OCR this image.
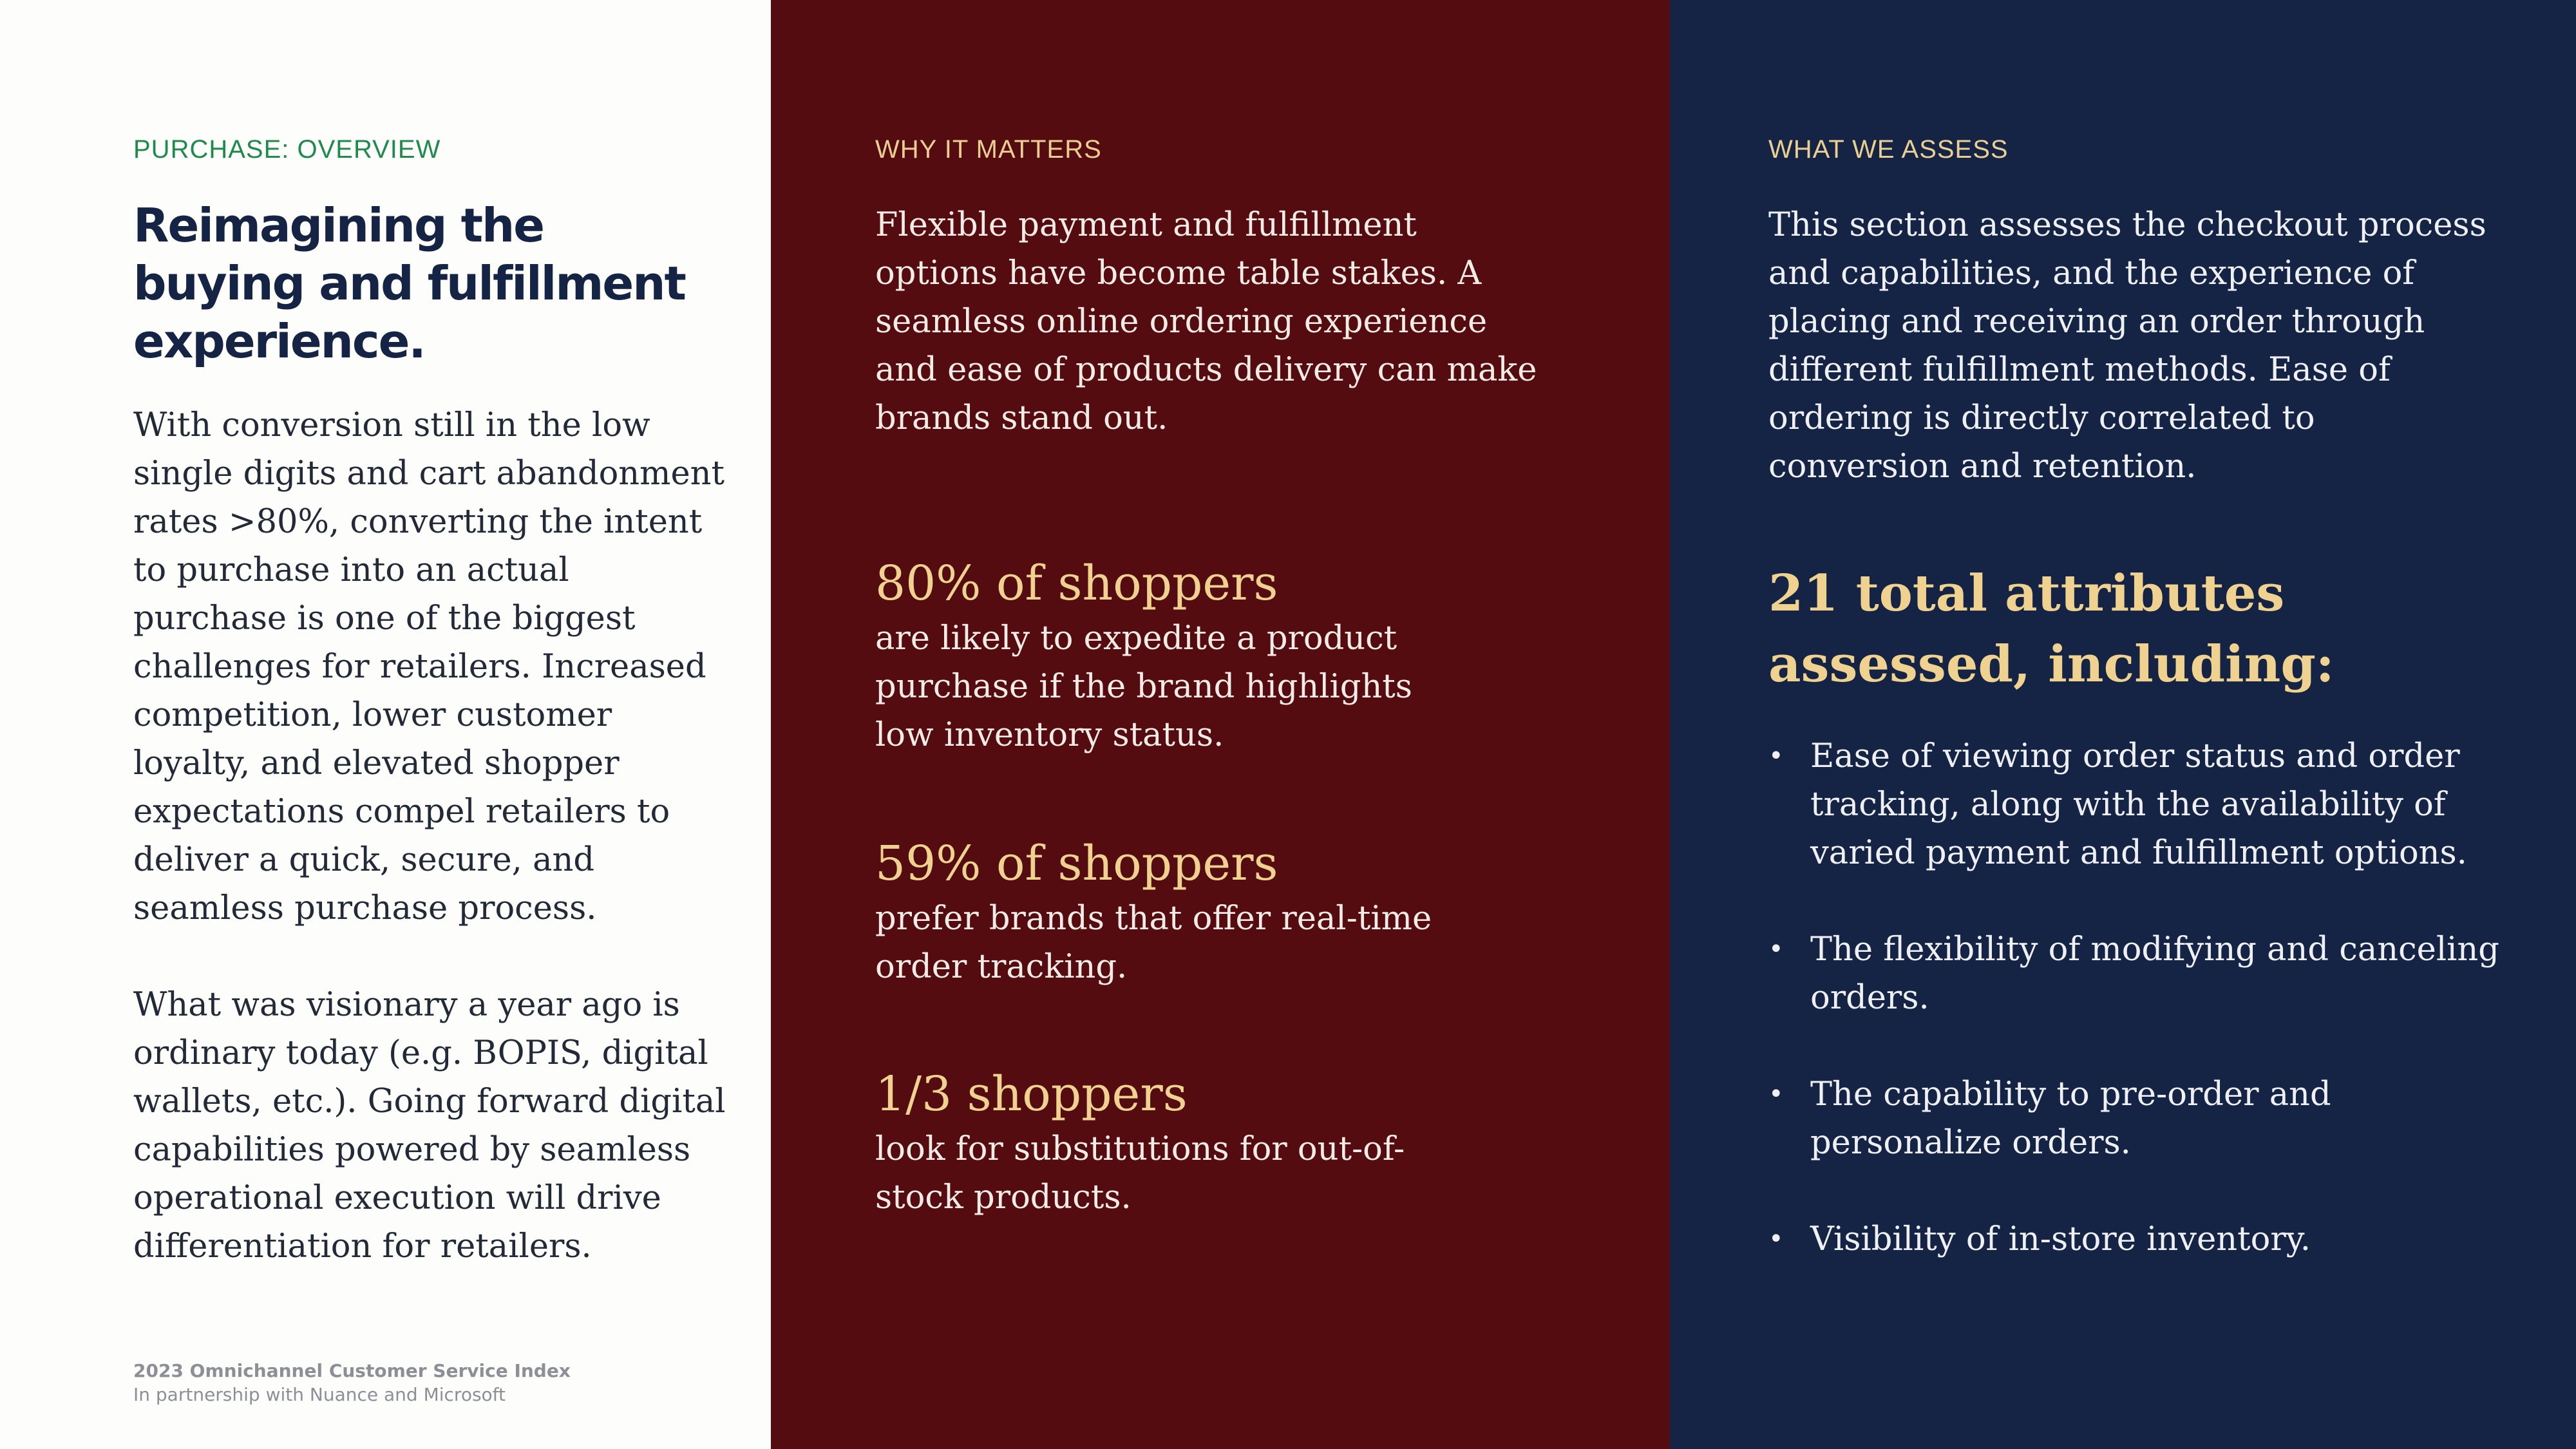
PURCHASE: OVERVIEW

Reimagining the buying and fulfillment experience.

With conversion still in the low single digits and cart abandonment rates >80%, converting the intent to purchase into an actual purchase is one of the biggest challenges for retailers. Increased competition, lower customer loyalty, and elevated shopper expectations compel retailers to deliver a quick, secure, and seamless purchase process.

What was visionary a year ago is ordinary today (e.g. BOPIS, digital wallets, etc.). Going forward digital capabilities powered by seamless operational execution will drive differentiation for retailers.

2023 Omnichannel Customer Service Index

In partnership with Nuance and Microsoft

WHY IT MATTERS

Flexible payment and fulfillment options have become table stakes. A seamless online ordering experience and ease of products delivery can make brands stand out.

80% of shoppers

are likely to expedite a product purchase if the brand highlights low inventory status.

59% of shoppers

prefer brands that offer real-time order tracking.

1/3 shoppers

look for substitutions for out-of-stock products.

WHAT WE ASSESS

This section assesses the checkout process and capabilities, and the experience of placing and receiving an order through different fulfillment methods. Ease of ordering is directly correlated to conversion and retention.

21 total attributes assessed, including:
• Ease of viewing order status and order tracking, along with the availability of varied payment and fulfillment options.
• The flexibility of modifying and canceling orders.
• The capability to pre-order and personalize orders.
• Visibility of in-store inventory.
